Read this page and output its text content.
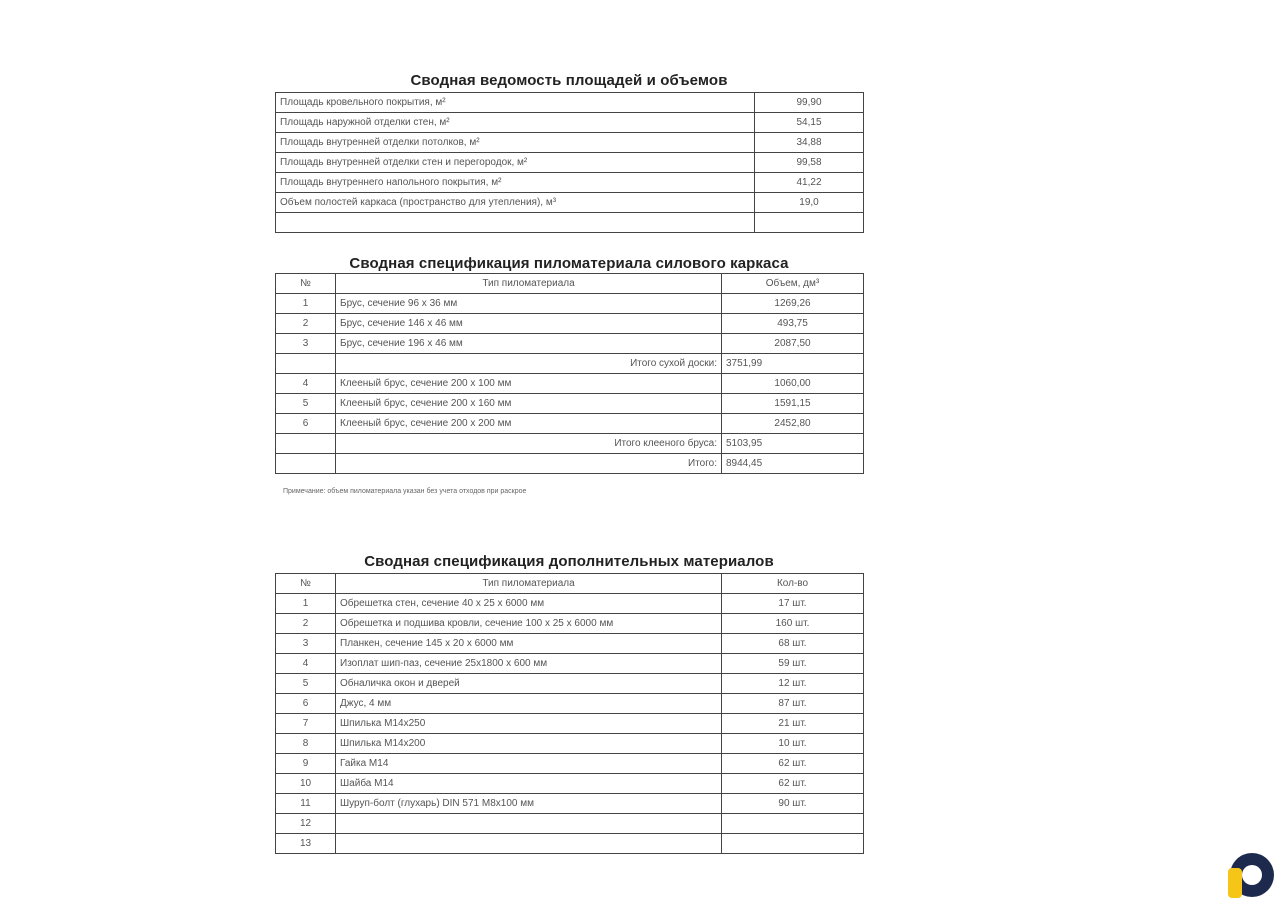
Сводная ведомость площадей и объемов
Площадь кровельного покрытия, м²	99,90
Площадь наружной отделки стен, м²	54,15
Площадь внутренней отделки потолков, м²	34,88
Площадь внутренней отделки стен и перегородок, м²	99,58
Площадь внутреннего напольного покрытия, м²	41,22
Объем полостей каркаса (пространство для утепления), м³	19,0

Сводная спецификация пиломатериала силового каркаса
№	Тип пиломатериала	Объем, дм³
1	Брус, сечение 96 х 36 мм	1269,26
2	Брус, сечение 146 х 46 мм	493,75
3	Брус, сечение 196 х 46 мм	2087,50
	Итого сухой доски:	3751,99
4	Клееный брус, сечение 200 х 100 мм	1060,00
5	Клееный брус, сечение 200 х 160 мм	1591,15
6	Клееный брус, сечение 200 х 200 мм	2452,80
	Итого клееного бруса:	5103,95
	Итого:	8944,45
Примечание: объем пиломатериала указан без учета отходов при раскрое
Сводная спецификация дополнительных материалов
№	Тип пиломатериала	Кол-во
1	Обрешетка стен, сечение 40 х 25 х 6000 мм	17 шт.
2	Обрешетка и подшива кровли, сечение 100 х 25 х 6000 мм	160 шт.
3	Планкен, сечение 145 х 20 х 6000 мм	68 шт.
4	Изоплат шип-паз, сечение 25х1800 х 600 мм	59 шт.
5	Обналичка окон и дверей	12 шт.
6	Джус, 4 мм	87 шт.
7	Шпилька М14х250	21 шт.
8	Шпилька М14х200	10 шт.
9	Гайка М14	62 шт.
10	Шайба М14	62 шт.
11	Шуруп-болт (глухарь) DIN 571 М8х100 мм	90 шт.
12		
13		
